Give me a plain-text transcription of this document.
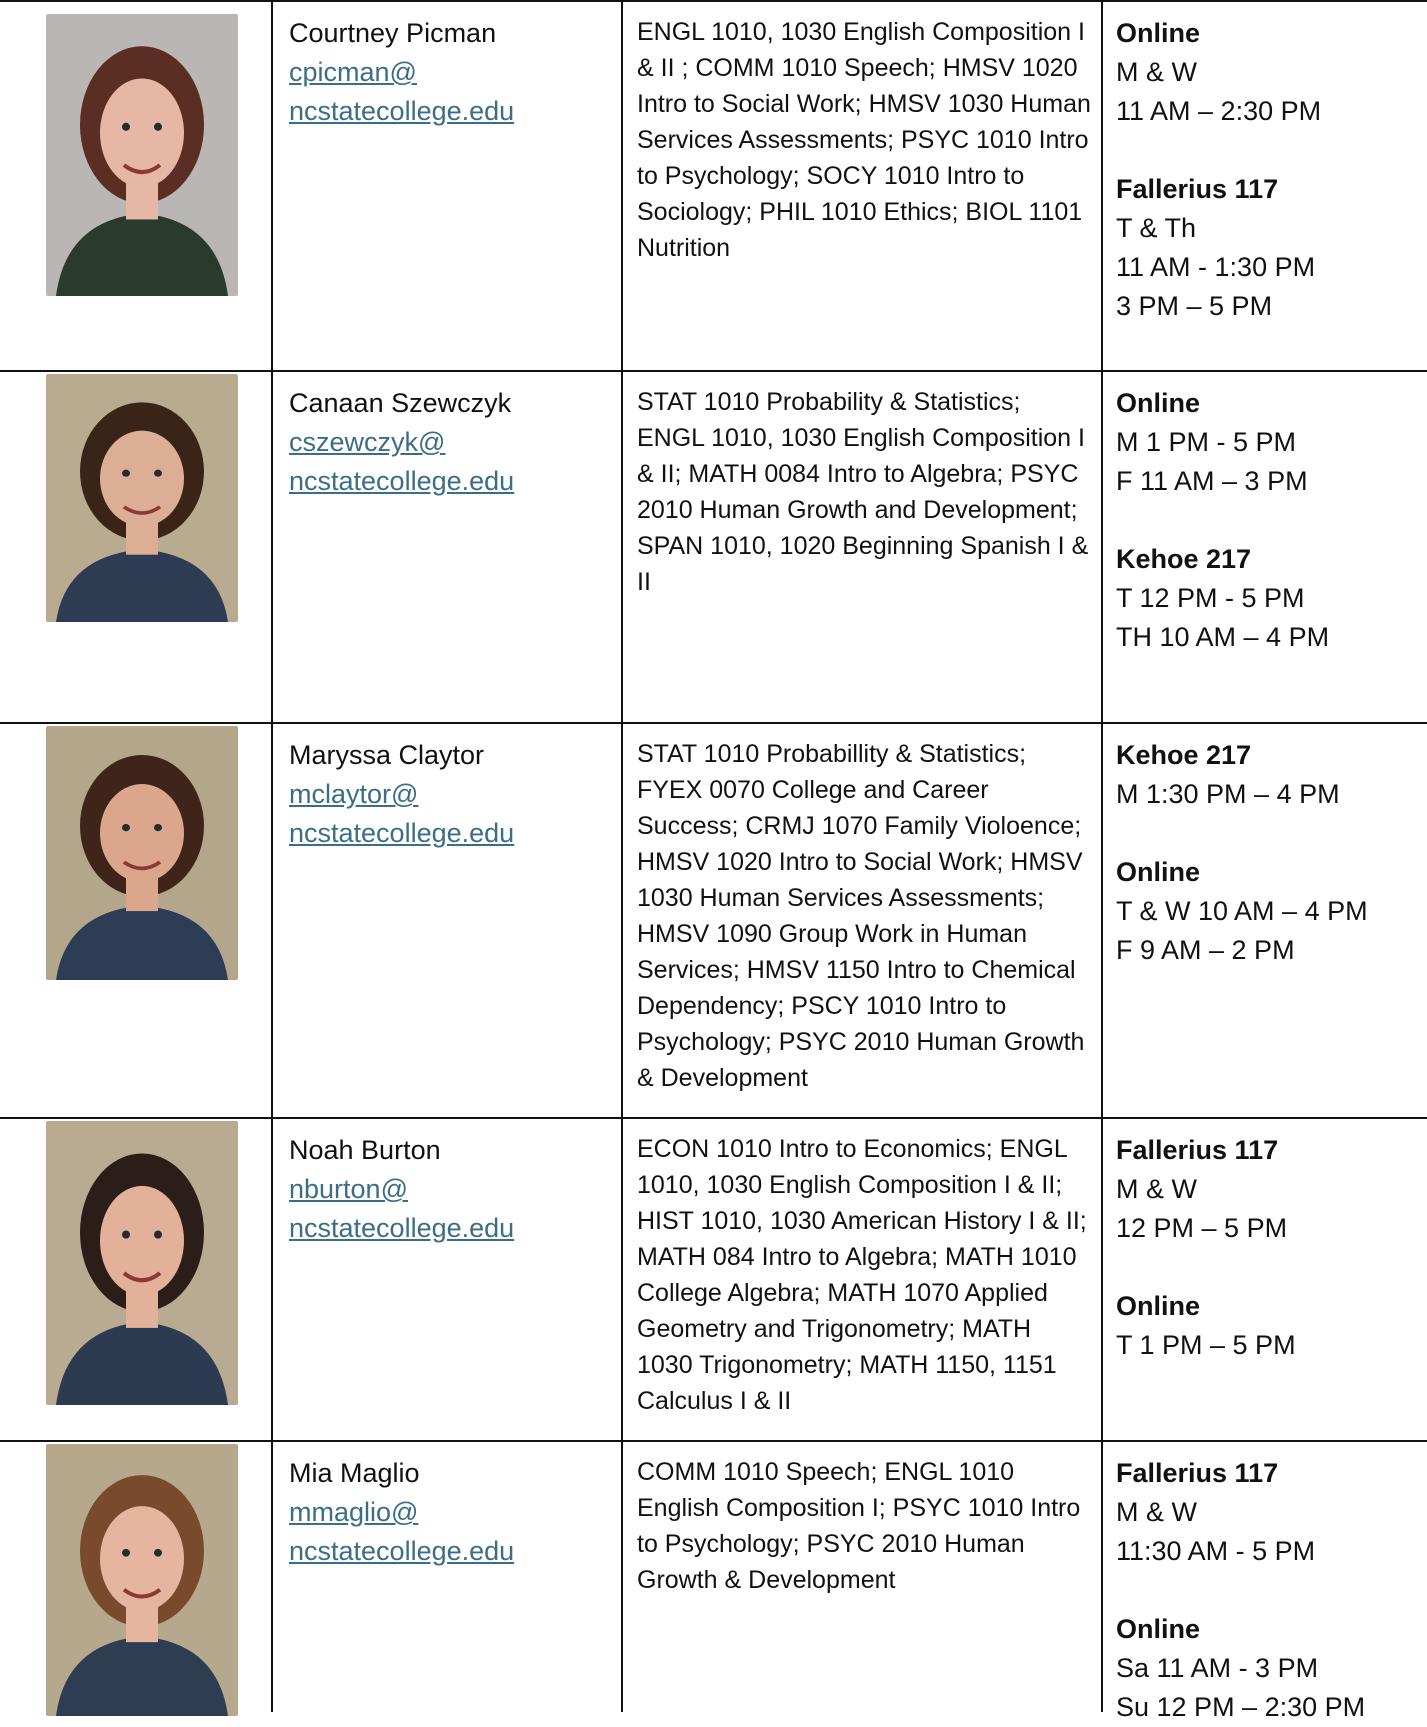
Courtney Picman
cpicman@
ncstatecollege.edu
ENGL 1010, 1030 English Composition I & II ; COMM 1010 Speech; HMSV 1020 Intro to Social Work; HMSV 1030 Human Services Assessments; PSYC 1010 Intro to Psychology; SOCY 1010 Intro to Sociology; PHIL 1010 Ethics; BIOL 1101 Nutrition
Online
M & W
11 AM – 2:30 PM
Fallerius 117
T & Th
11 AM - 1:30 PM
3 PM – 5 PM
Canaan Szewczyk
cszewczyk@
ncstatecollege.edu
STAT 1010 Probability & Statistics; ENGL 1010, 1030 English Composition I & II; MATH 0084 Intro to Algebra; PSYC 2010 Human Growth and Development; SPAN 1010, 1020 Beginning Spanish I & II
Online
M 1 PM - 5 PM
F 11 AM – 3 PM
Kehoe 217
T 12 PM - 5 PM
TH 10 AM – 4 PM
Maryssa Claytor
mclaytor@
ncstatecollege.edu
STAT 1010 Probabillity & Statistics; FYEX 0070 College and Career Success; CRMJ 1070 Family Violoence; HMSV 1020 Intro to Social Work; HMSV 1030 Human Services Assessments; HMSV 1090 Group Work in Human Services; HMSV 1150 Intro to Chemical Dependency; PSCY 1010 Intro to Psychology; PSYC 2010 Human Growth & Development
Kehoe 217
M 1:30 PM – 4 PM
Online
T & W 10 AM – 4 PM
F 9 AM – 2 PM
Noah Burton
nburton@
ncstatecollege.edu
ECON 1010 Intro to Economics; ENGL 1010, 1030 English Composition I & II; HIST 1010, 1030 American History I & II; MATH 084 Intro to Algebra; MATH 1010 College Algebra; MATH 1070 Applied Geometry and Trigonometry; MATH 1030 Trigonometry; MATH 1150, 1151 Calculus I & II
Fallerius 117
M & W
12 PM – 5 PM
Online
T 1 PM – 5 PM
Mia Maglio
mmaglio@
ncstatecollege.edu
COMM 1010 Speech; ENGL 1010 English Composition I; PSYC 1010 Intro to Psychology; PSYC 2010 Human Growth & Development
Fallerius 117
M & W
11:30 AM - 5 PM
Online
Sa 11 AM - 3 PM
Su 12 PM – 2:30 PM
